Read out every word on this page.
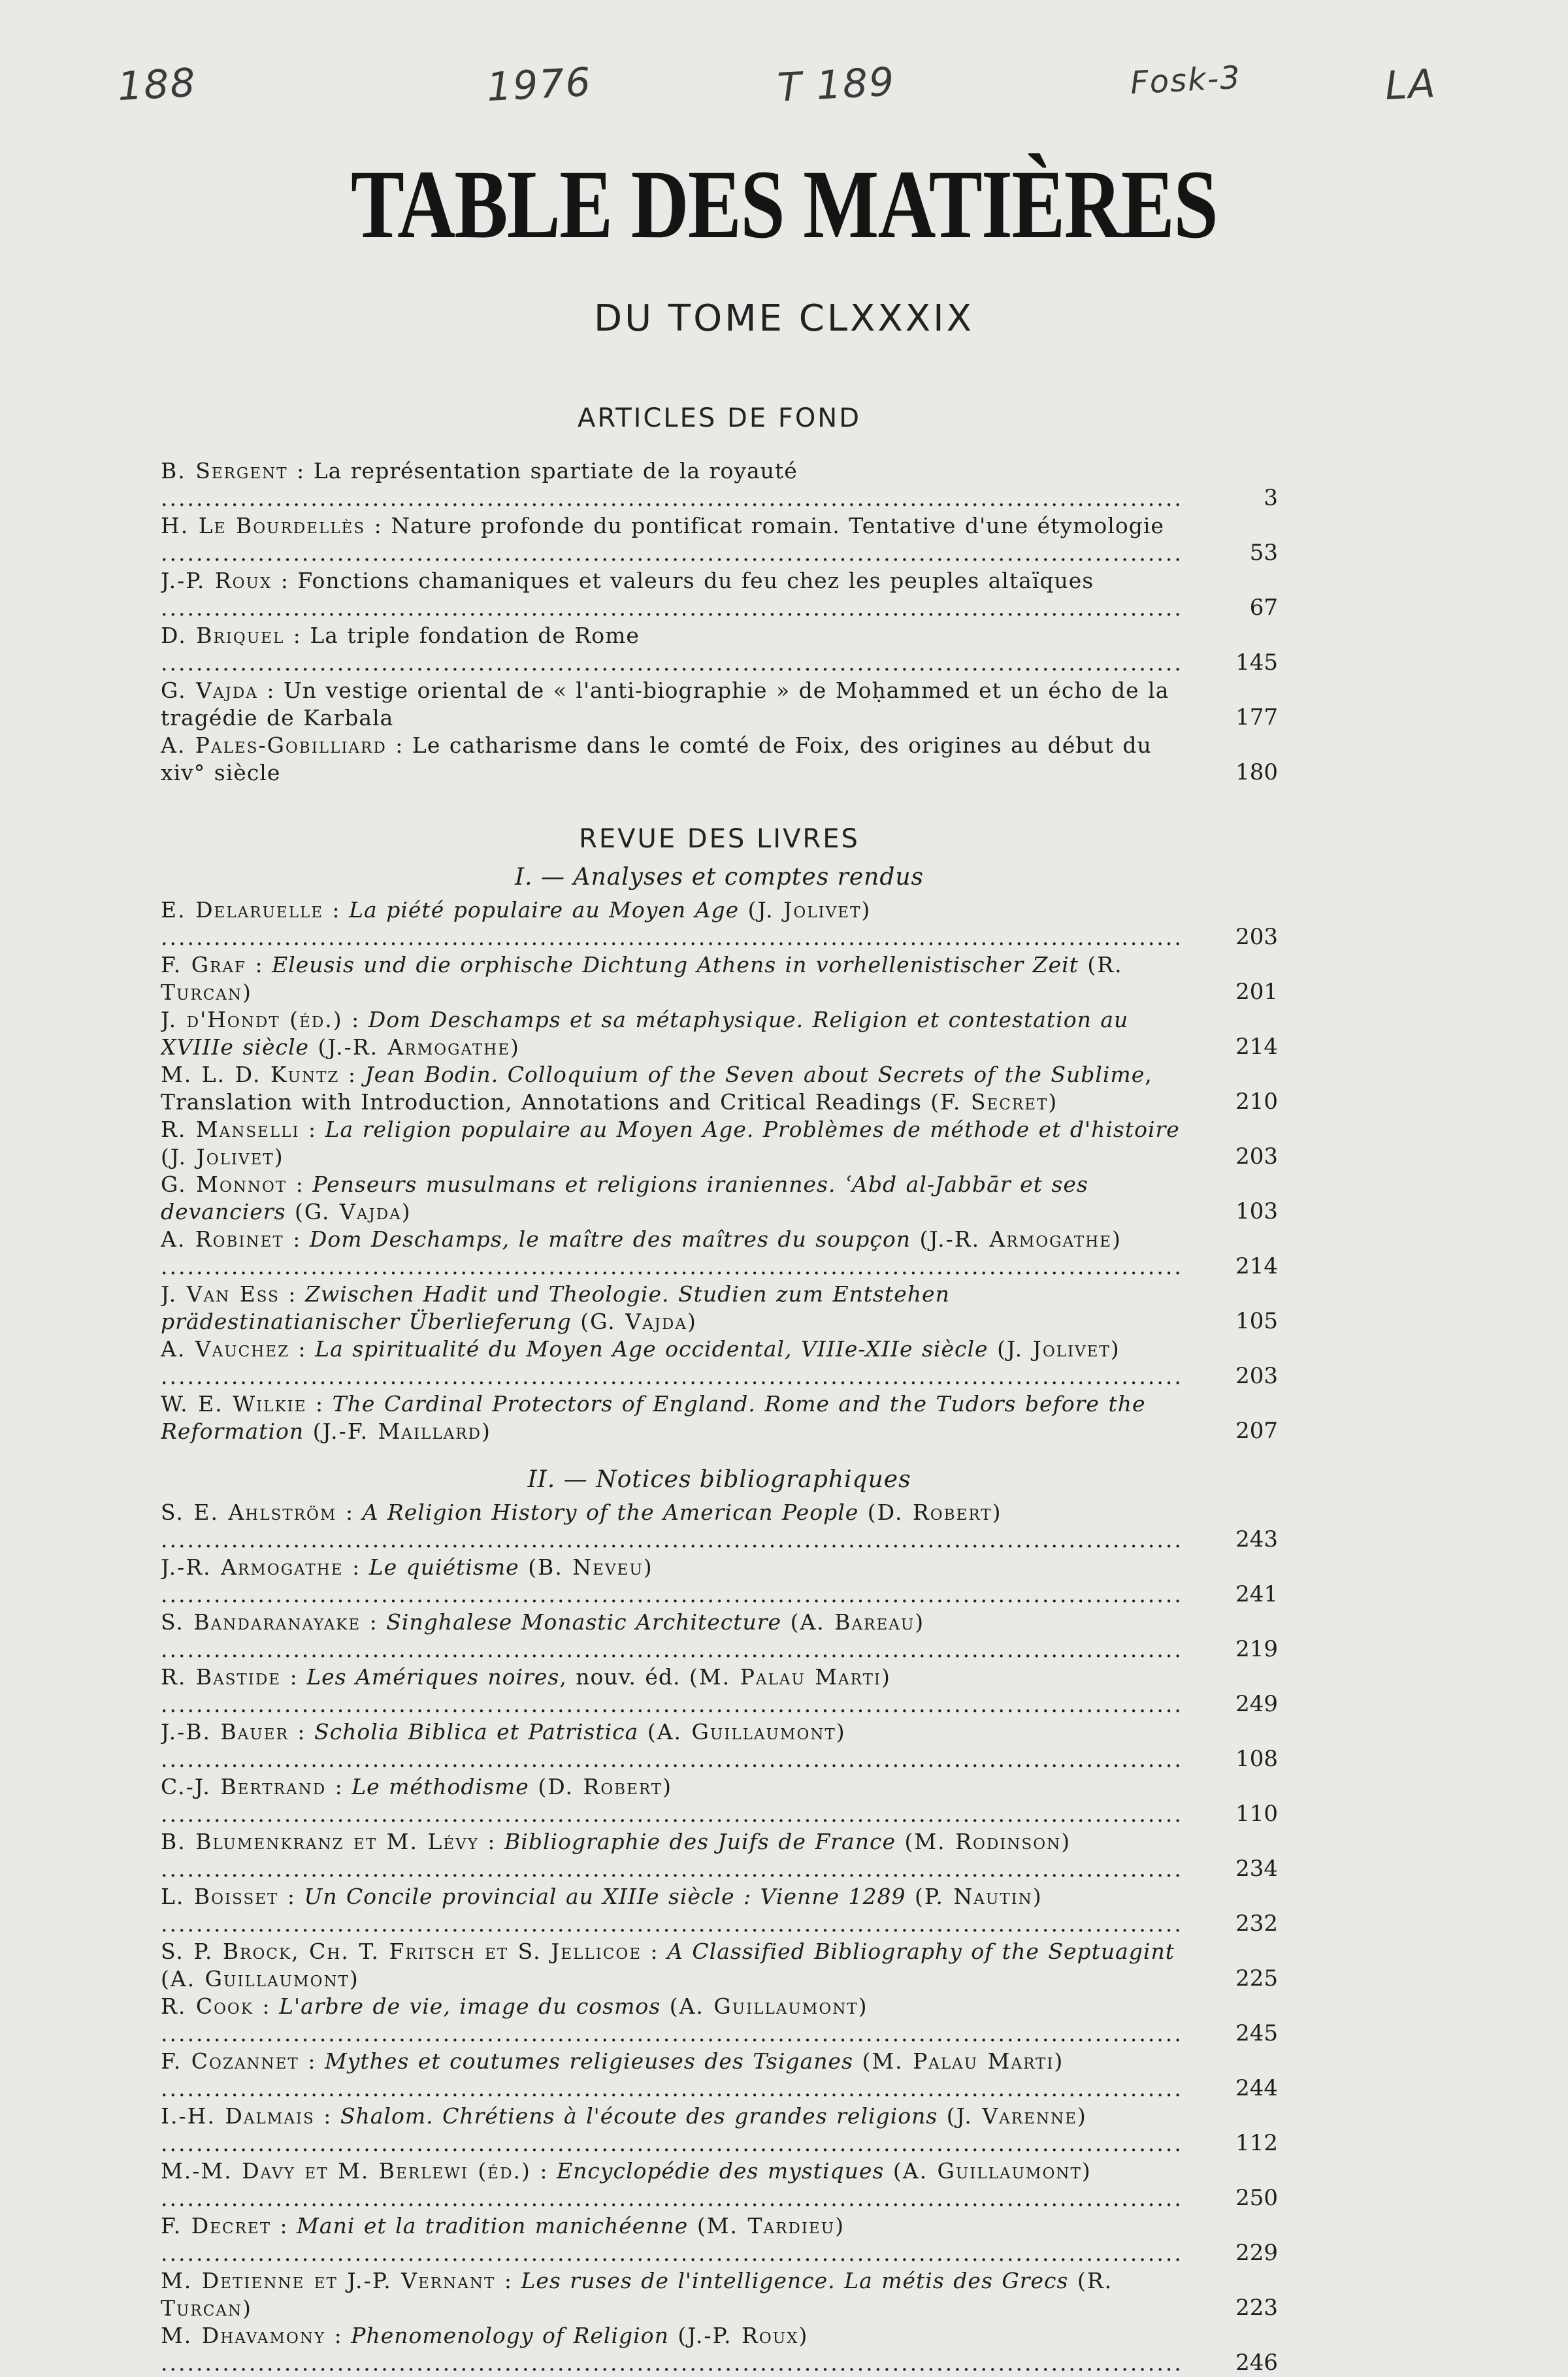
188	1976	T 189	Fosk-3	LA
TABLE DES MATIÈRES
DU TOME CLXXXIX
ARTICLES DE FOND
B. Sergent : La représentation spartiate de la royauté .....
3
H. Le Bourdellès : Nature profonde du pontificat romain. Tentative d'une étymologie .....
53
J.-P. Roux : Fonctions chamaniques et valeurs du feu chez les peuples altaïques .....
67
D. Briquel : La triple fondation de Rome .....
145
G. Vajda : Un vestige oriental de « l'anti-biographie » de Moḥammed et un écho de la tragédie de Karbala .....	177
A. Pales-Gobilliard : Le catharisme dans le comté de Foix, des origines au début du xiv° siècle .....	180
REVUE DES LIVRES
I. — Analyses et comptes rendus
E. Delaruelle : La piété populaire au Moyen Age (J. Jolivet) .....
203
F. Graf : Eleusis und die orphische Dichtung Athens in vorhellenistischer Zeit (R. Turcan) .....	201
J. d'Hondt (éd.) : Dom Deschamps et sa métaphysique. Religion et contestation au XVIIIe siècle (J.-R. Armogathe) .....	214
M. L. D. Kuntz : Jean Bodin. Colloquium of the Seven about Secrets of the Sublime, Translation with Introduction, Annotations and Critical Readings (F. Secret) .....	210
R. Manselli : La religion populaire au Moyen Age. Problèmes de méthode et d'histoire (J. Jolivet) .....	203
G. Monnot : Penseurs musulmans et religions iraniennes. ʿAbd al-Jabbār et ses devanciers (G. Vajda) .....	103
A. Robinet : Dom Deschamps, le maître des maîtres du soupçon (J.-R. Armogathe) .....
214
J. Van Ess : Zwischen Hadit und Theologie. Studien zum Entstehen prädestinatianischer Überlieferung (G. Vajda) .....	105
A. Vauchez : La spiritualité du Moyen Age occidental, VIIIe-XIIe siècle (J. Jolivet) .....
203
W. E. Wilkie : The Cardinal Protectors of England. Rome and the Tudors before the Reformation (J.-F. Maillard) .....	207
II. — Notices bibliographiques
S. E. Ahlström : A Religion History of the American People (D. Robert) .....
243
J.-R. Armogathe : Le quiétisme (B. Neveu) .....
241
S. Bandaranayake : Singhalese Monastic Architecture (A. Bareau) .....
219
R. Bastide : Les Amériques noires, nouv. éd. (M. Palau Marti) .....
249
J.-B. Bauer : Scholia Biblica et Patristica (A. Guillaumont) .....
108
C.-J. Bertrand : Le méthodisme (D. Robert) .....
110
B. Blumenkranz et M. Lévy : Bibliographie des Juifs de France (M. Rodinson) .....
234
L. Boisset : Un Concile provincial au XIIIe siècle : Vienne 1289 (P. Nautin) .....
232
S. P. Brock, Ch. T. Fritsch et S. Jellicoe : A Classified Bibliography of the Septuagint (A. Guillaumont) .....	225
R. Cook : L'arbre de vie, image du cosmos (A. Guillaumont) .....
245
F. Cozannet : Mythes et coutumes religieuses des Tsiganes (M. Palau Marti) .....
244
I.-H. Dalmais : Shalom. Chrétiens à l'écoute des grandes religions (J. Varenne) .....
112
M.-M. Davy et M. Berlewi (éd.) : Encyclopédie des mystiques (A. Guillaumont) .....
250
F. Decret : Mani et la tradition manichéenne (M. Tardieu) .....
229
M. Detienne et J.-P. Vernant : Les ruses de l'intelligence. La métis des Grecs (R. Turcan) .....	223
M. Dhavamony : Phenomenology of Religion (J.-P. Roux) .....
246
